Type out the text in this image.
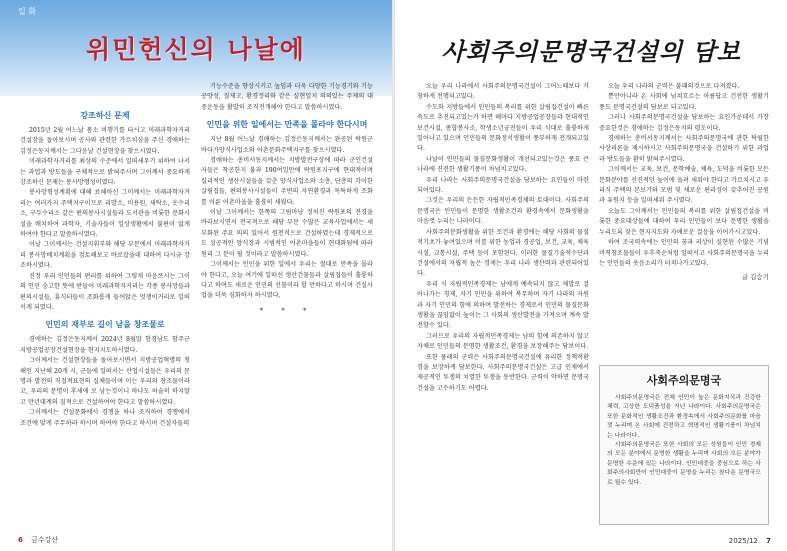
일 화
위민헌신의 나날에
강조하신 문제

2015년 2월 어느날 몸소 비행기를 타시고 미래과학자거리건설장을 돌아보시며 공사와 관련한 가르치심을 주신 경애하는 김정은동지께서는 그다음날 건설현장을 찾으시였다.

미래과학자거리를 최상의 수준에서 일떠세우기 위하여 나서는 과업과 방도들을 구체적으로 밝혀주시며 그이께서 중요하게 강조하신 문제는 봉사망형성이였다.

봉사망형성계획에 대해 료해하신 그이께서는 미래과학자거리는 여러가지 주택지구이므로 리발소, 미용원, 세탁소, 옷수리소, 구두수리소 같은 편의봉사시설들과 도서관을 비롯한 문화시설을 배치하여 과학자, 기술자들이 일상생활에서 불편이 없게 하여야 한다고 말씀하시였다.

이날 그이께서는 건설지휘부와 해당 부문에서 미래과학자거리 봉사망배치계획을 검토해보고 바로잡을데 대하여 다시금 강조하시였다.

진정 우리 인민들의 편리를 위하여 그렇게 마음쓰시는 그이의 인민 숭고한 뜻에 받들어 미래과학자거리는 각종 봉사망들과 편의시설들, 휴식터들이 조화롭게 들어앉은 멋쟁이거리로 일떠서게 되였다.

인민의 재부로 길이 남을 창조물로

경애하는 김정은동지께서 2024년 8월말 함경남도 함주군 지방공업공장건설현장을 현지지도하시였다.

그이께서는 건설현장들을 돌아보시면서 지방공업혁명의 첫해인 지난해 20개 시, 군들에 일떠서는 산업시설들은 우리의 문명과 발전의 직접적표현의 실체들이며 이는 우리의 창조물이라고, 우리의 문명이 후세에 로 남는것이니 하나도 허술히 하지말고 만년대계의 질적으로 건설하여야 한다고 말씀하시였다.

그이께서는 건설문화에서 경쟁을 하나 조직하여 경쟁에서 조건에 맞게 주무하라 하시며 하여야 한다고 하시며 건설자들의

기능수준을 향상시키고 높임과 더욱 다양한 기능경기와 기능공양성, 질제고, 환경정리와 같은 실현일지 의의있는 주제의 대중운동을 활발히 조직전개해야 한다고 말씀하시였다.

인민을 위한 일에서는 만족을 몰라야 한다시며

지난 8월 어느날 경애하는 김정은동지께서는 완공된 락원군바다가양식사업소와 어촌문화주택지구를 찾으시였다.

경애하는 총비서동지께서는 지방발전구상에 따라 군인건설자들은 착공한지 불과 190여일만에 락원포지구에 현대적이며 실리적인 생산시설들을 갖춘 양식사업소와 소층, 단층의 각이한 살림집들, 편의봉사시설들이 주변의 자연환경과 독특하게 조화를 이룬 어촌마을을 훌륭히 세웠다.

이날 그이께서는 한쪽의 그림마냥 정처진 락원포의 전경을 바라보시면서 전국적으로 해당 부문 수많은 교육사업에서는 세부화된 주요 의의 있어서 원천적으로 건설하였는데 경제적으로도 성공적인 양식장과 시범적인 어촌마을들이 현대화됨에 따라 원리 그 분이 될 것이라고 말씀하시였다.

그이께서는 인민을 위한 일에서 우리는 절대로 만족을 몰라야 한다고, 오늘 여기에 일떠선 생산건물들과 살림집들이 훌륭하다고 하여도 새로운 인민의 선물이라 할 만하다고 하시며 건설사업을 더욱 심화하자 하시였다.

* * *
6 금수강산
사회주의문명국건설의 담보

오늘 우리 나라에서 사회주의문명국건설이 그어느때보다 거창하게 전행되고있다.

수도와 지방들에서 인민들의 복리를 위한 살림집건설이 빠른 속도로 추진되고있는가 하면 해마다 지방공업공장들과 현대적인 보건시설, 종합봉사소, 학생소년궁전들이 우리 식대로 훌륭하게 일어나고 있으며 인민들의 문화정서생활이 풍부하게 전개되고있다.

나날이 인민들의 물질문화생활이 개선되고있는것은 풍요 큰 나라에 진전한 생활기풍이 차넘치고있다.

우리 나라는 사회주의문명국건설을 담보하는 요인들이 마련되어있다.

그것은 우리의 든든한 자립적민족경제의 토대이다. 사회주의문명국은 인민들이 문명한 생활조건과 환경속에서 문화생활을 마음껏 누리는 나라이다.

사회주의문화생활을 위한 조건과 환경에는 해당 사회의 물질적기초가 놓여있으며 이를 위한 농업과 경공업, 보건, 교육, 체육시설, 교통시설, 주택 등이 포함된다. 이러한 물질기술적수단과 건설에서의 자립적 높은 경제는 우리 나라 생산력과 관련되어있다.

우리 식 자립적민족경제는 남에게 예속되지 않고 제발로 걸어나가는 경제, 자기 인민을 위하여 복무하며 자기 나라의 자원과 자기 인민의 힘에 의하여 발전하는 경제로서 인민의 물질문화생활을 끊임없이 높이는 그 사회의 생산발전을 가져오며 계속 발전할수 있다.

그러므로 우리의 자립적민족경제는 남의 힘에 의존하지 않고 자체로 인민들의 문명한 생활조건, 환경을 보장해주는 담보이다.

또한 풀레의 군력은 사회주의문명국건설에 유리한 정책적환경을 보장하게 담보한다. 사회주의문명국건설은 고급 인재에서 제공적인 투쟁의 치열한 투쟁을 동반한다. 군력이 약하면 문명국건설을 고수하기도 어렵다.

오늘 우리 나라의 군력은 불패의것으로 다져졌다.

뿐만아니라 온 사회에 넘쳐흐르는 아름답고 건전한 생활기풍도 문명국건설의 담보로 되고있다.

그러나 사회주의문명국건설을 담보하는 요인가운데서 가장 중요한것은 경애하는 김정은동지의 령도이다.

경애하는 총비서동지께서는 사회주의문명국에 관한 탁월한 사상리론을 제시하시고 사회주의문명국을 건설하기 위한 과업과 방도들을 환히 밝혀주시였다.

그이께서는 교육, 보건, 문학예술, 체육, 도덕을 비롯한 모든 문화분야를 선진적인 높이에 올려 세워야 한다고 가르치시고 우리식 주택의 본보기와 모범 및 새로운 편리성이 갖추어진 공원과 유원지 등을 일떠세워 주시였다.

오늘도 그이께서는 인민들의 복리를 위한 살림집건설을 비롯한 중요대상들에 대하여 우리 인민들이 보다 문명한 생활을 누리도록 잦은 현지지도와 자애로운 걸음을 이어가시고있다.

하여 조국력속에는 인민의 꿈과 리상이 실현된 수많은 기념비적창조물들이 우후죽순처럼 일떠서고 사회주의문명국을 누리는 인민들의 웃음소리가 터쳐나가고있다.

글 김승기
사회주의문명국

사회주의문명국은 전체 인민이 높은 문화지식과 건강한 체력, 고상한 도덕품성을 지닌 나라이다. 사회주의문명국은 또한 문화적인 생활조건과 환경속에서 사회주의문화를 마음껏 누리며 온 사회에 건전하고 혁명적인 생활기풍이 차넘치는 나라이다.

사회주의문명국은 또한 사회의 모든 성원들이 인민 경제의 모든 분야에서 문명한 생활을 누리며 사회의 모든 분야가 문명한 수준에 있는 나라이다. 인민대중을 중심으로 하는 사회주의사회만이 인민대중이 문명을 누리는 참다운 문명국으로 될수 있다.

2025/12 7
